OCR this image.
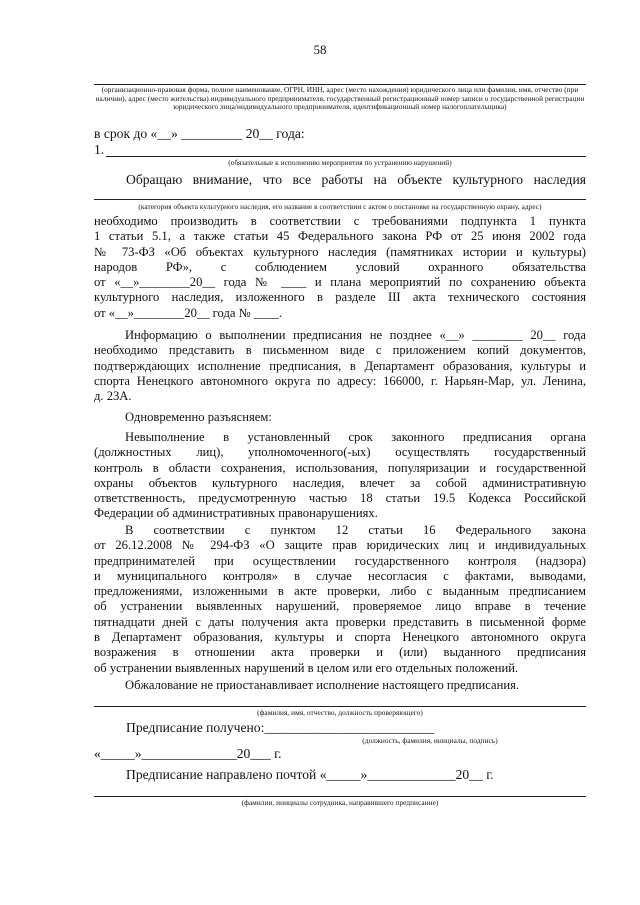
58
(организационно-правовая форма, полное наименование, ОГРН, ИНН, адрес (место нахождения) юридического лица или фамилия, имя, отчество (при наличии), адрес (место жительства) индивидуального предпринимателя, государственный регистрационный номер записи о государственной регистрации юридического лица/индивидуального предпринимателя, идентификационный номер налогоплательщика)
в срок до «__» _________ 20__ года:
1.
(обязательные к исполнению мероприятия по устранению нарушений)
Обращаю внимание, что все работы на объекте культурного наследия
(категория объекта культурного наследия, его название в соответствии с актом о постановке на государственную охрану, адрес)

необходимо производить в соответствии с требованиями подпункта 1 пункта

1 статьи 5.1, а также статьи 45 Федерального закона РФ от 25 июня 2002 года

№ 73-ФЗ «Об объектах культурного наследия (памятниках истории и культуры)

народов РФ», с соблюдением условий охранного обязательства

от «__»________20__ года № ____ и плана мероприятий по сохранению объекта

культурного наследия, изложенного в разделе III акта технического состояния

от «__»________20__ года № ____.

Информацию о выполнении предписания не позднее «__» ________ 20__ года

необходимо представить в письменном виде с приложением копий документов,

подтверждающих исполнение предписания, в Департамент образования, культуры и

спорта Ненецкого автономного округа по адресу: 166000, г. Нарьян-Мар, ул. Ленина,

д. 23А.

Одновременно разъясняем:

Невыполнение в установленный срок законного предписания органа

(должностных лиц), уполномоченного(-ых) осуществлять государственный

контроль в области сохранения, использования, популяризации и государственной

охраны объектов культурного наследия, влечет за собой административную

ответственность, предусмотренную частью 18 статьи 19.5 Кодекса Российской

Федерации об административных правонарушениях.

В соответствии с пунктом 12 статьи 16 Федерального закона

от 26.12.2008 № 294-ФЗ «О защите прав юридических лиц и индивидуальных

предпринимателей при осуществлении государственного контроля (надзора)

и муниципального контроля» в случае несогласия с фактами, выводами,

предложениями, изложенными в акте проверки, либо с выданным предписанием

об устранении выявленных нарушений, проверяемое лицо вправе в течение

пятнадцати дней с даты получения акта проверки представить в письменной форме

в Департамент образования, культуры и спорта Ненецкого автономного округа

возражения в отношении акта проверки и (или) выданного предписания

об устранении выявленных нарушений в целом или его отдельных положений.

Обжалование не приостанавливает исполнение настоящего предписания.

(фамилия, имя, отчество, должность проверяющего)
Предписание получено:_________________________
(должность, фамилия, инициалы, подпись)
«_____»______________20___ г.
Предписание направлено почтой «_____»_____________20__ г.
(фамилии, инициалы сотрудника, направившего предписание)
